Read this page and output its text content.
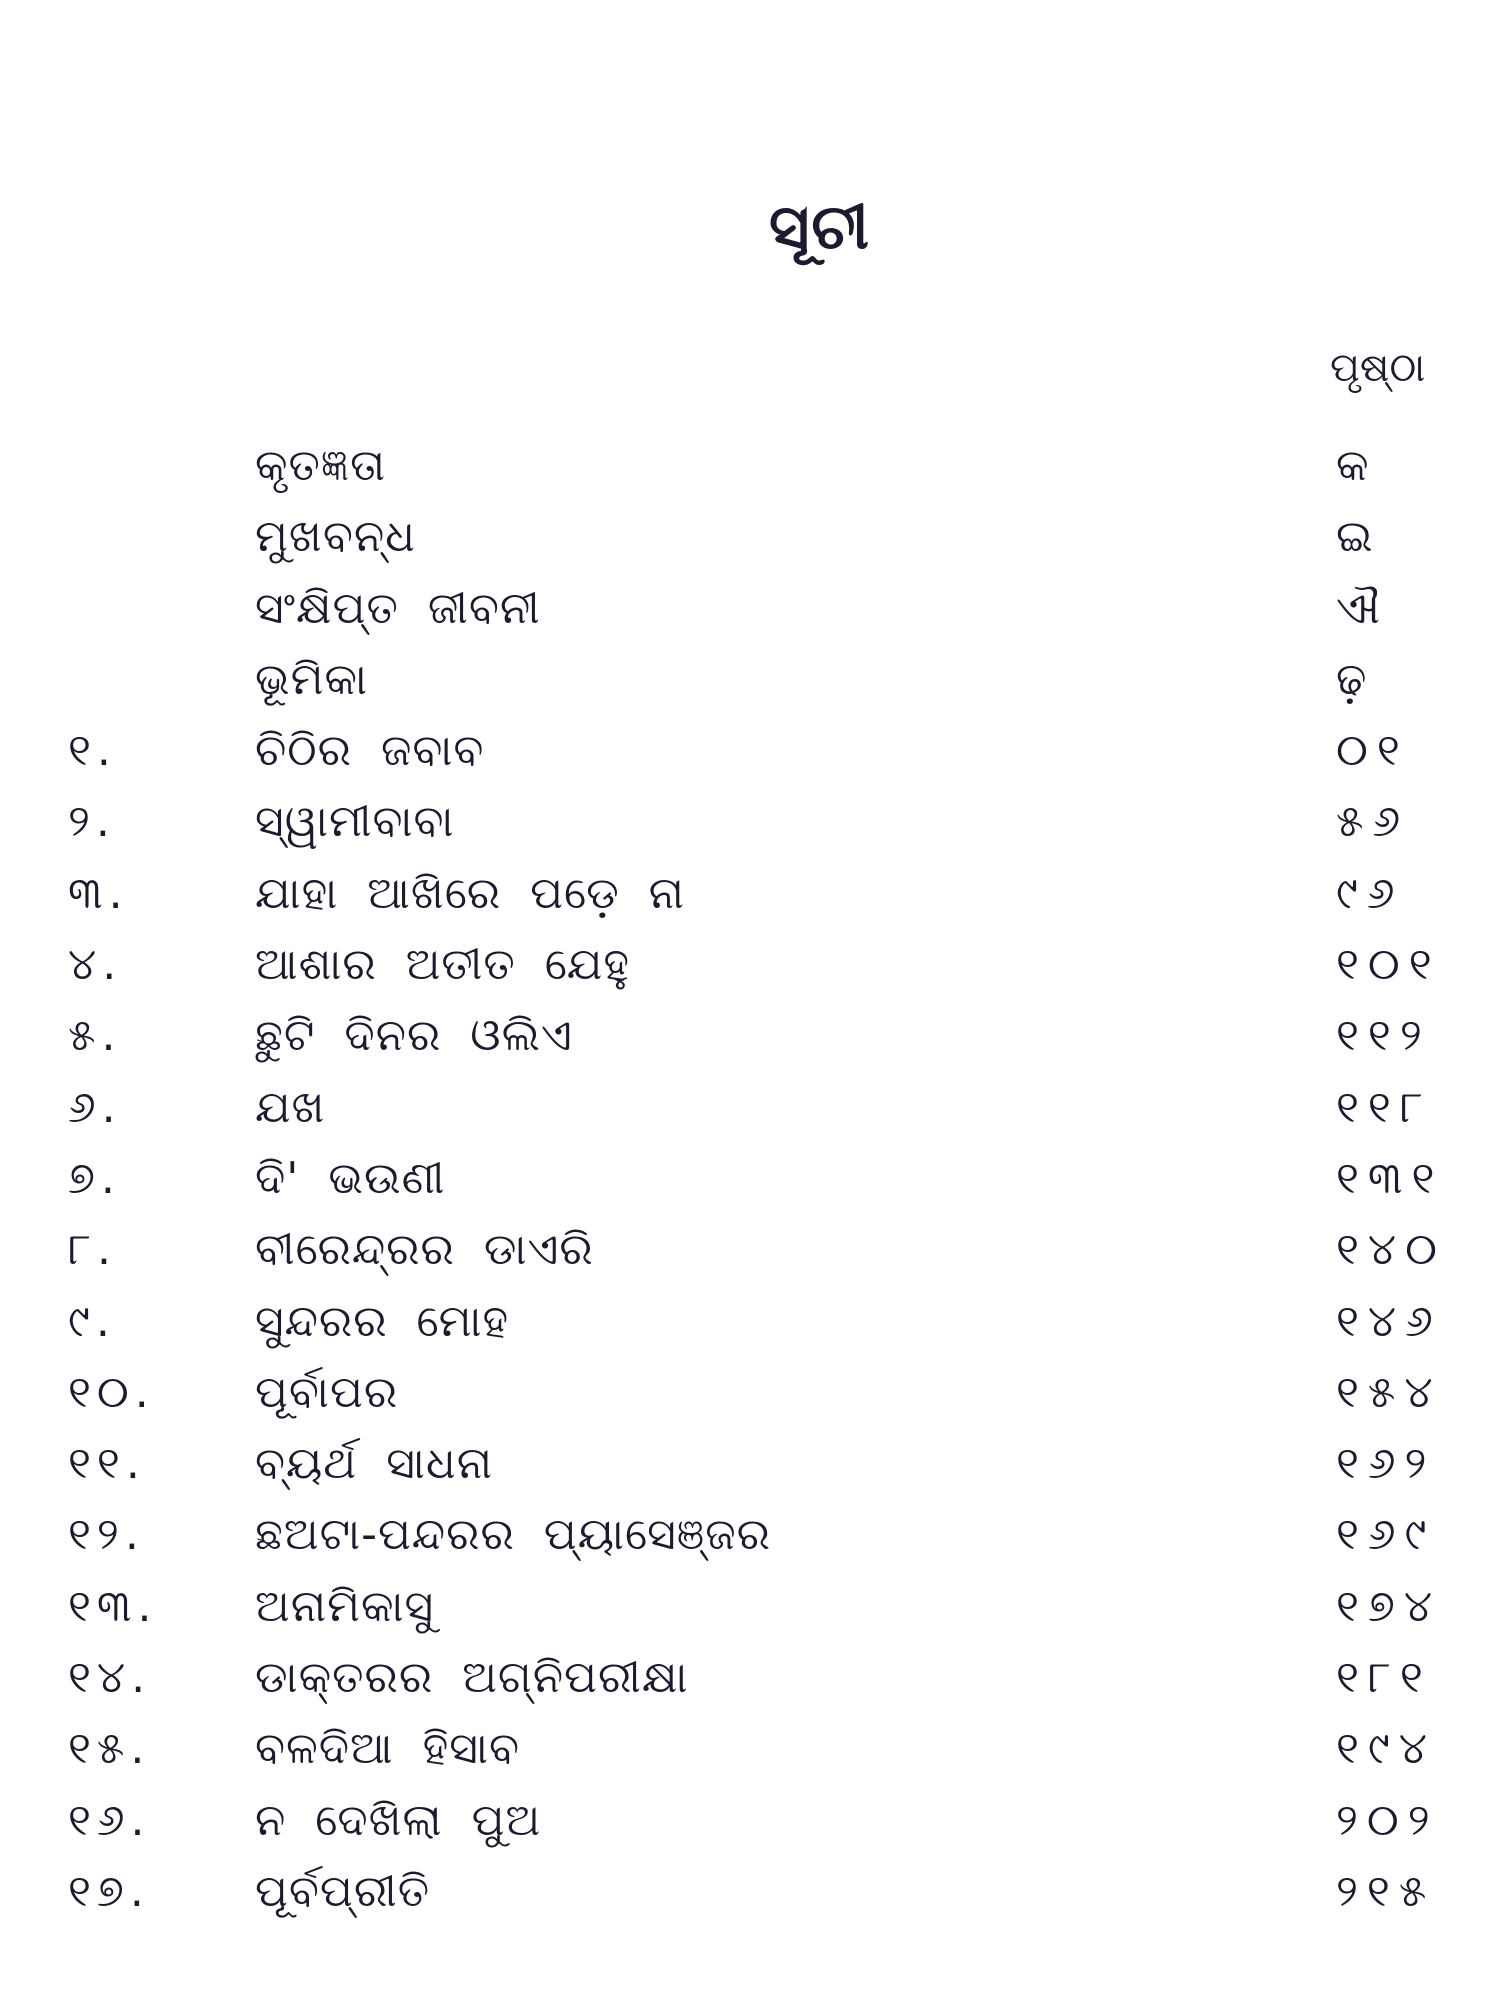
ସୂଚୀ
ପୃଷ୍ଠା
କୃତଜ୍ଞତା	କ
ମୁଖବନ୍ଧ	ଇ
ସଂକ୍ଷିପ୍ତ ଜୀବନୀ	ଐ
ଭୂମିକା	ଢ଼
୧.	ଚିଠିର ଜବାବ	୦୧
୨.	ସ୍ୱାମୀବାବା	୫୬
୩.	ଯାହା ଆଖିରେ ପଡ଼େ ନା	୯୬
୪.	ଆଶାର ଅତୀତ ଯେହୁ	୧୦୧
୫.	ଛୁଟି ଦିନର ଓଲିଏ	୧୧୨
୬.	ଯଖ	୧୧୮
୭.	ଦି' ଭଉଣୀ	୧୩୧
୮.	ବୀରେନ୍ଦ୍ରର ଡାଏରି	୧୪୦
୯.	ସୁନ୍ଦରର ମୋହ	୧୪୬
୧୦. ପୂର୍ବାପର	୧୫୪
୧୧. ବ୍ୟର୍ଥ ସାଧନା	୧୬୨
୧୨.	ଛଅଟା-ପନ୍ଦରର ପ୍ୟାସେଞ୍ଜର	୧୬୯
୧୩. ଅନାମିକାସୁ	୧୭୪
୧୪. ଡାକ୍ତରର ଅଗ୍ନିପରୀକ୍ଷା	୧୮୧
୧୫. ବଳଦିଆ ହିସାବ	୧୯୪
୧୬. ନ ଦେଖିଲା ପୁଅ	୨୦୨
୧୭. ପୂର୍ବପ୍ରୀତି	୨୧୫
